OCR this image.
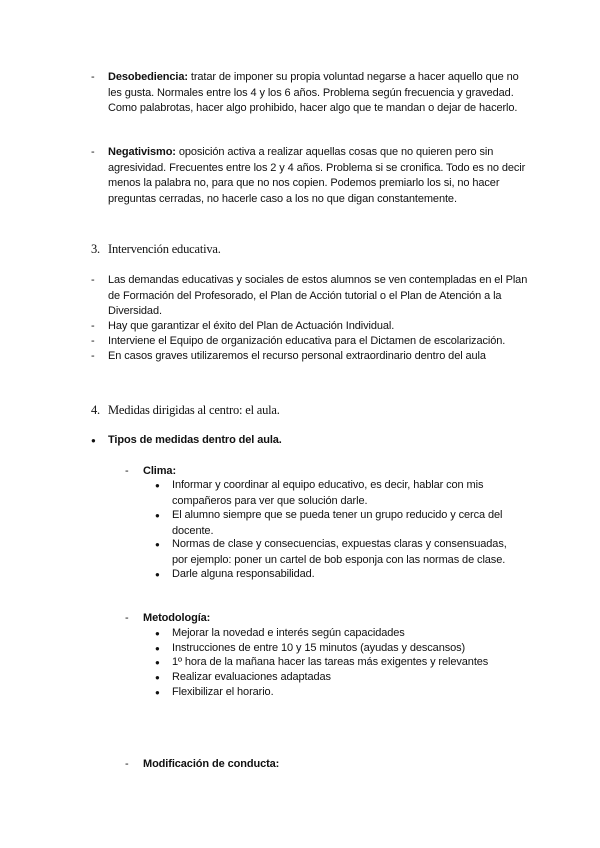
- Desobediencia: tratar de imponer su propia voluntad negarse a hacer aquello que no les gusta. Normales entre los 4 y los 6 años. Problema según frecuencia y gravedad. Como palabrotas, hacer algo prohibido, hacer algo que te mandan o dejar de hacerlo.
- Negativismo: oposición activa a realizar aquellas cosas que no quieren pero sin agresividad. Frecuentes entre los 2 y 4 años. Problema si se cronifica. Todo es no decir menos la palabra no, para que no nos copien. Podemos premiarlo los si, no hacer preguntas cerradas, no hacerle caso a los no que digan constantemente.
3. Intervención educativa.
- Las demandas educativas y sociales de estos alumnos se ven contempladas en el Plan de Formación del Profesorado, el Plan de Acción tutorial o el Plan de Atención a la Diversidad.
- Hay que garantizar el éxito del Plan de Actuación Individual.
- Interviene el Equipo de organización educativa para el Dictamen de escolarización.
- En casos graves utilizaremos el recurso personal extraordinario dentro del aula
4. Medidas dirigidas al centro: el aula.
● Tipos de medidas dentro del aula.
- Clima:
● Informar y coordinar al equipo educativo, es decir, hablar con mis compañeros para ver que solución darle.
● El alumno siempre que se pueda tener un grupo reducido y cerca del docente.
● Normas de clase y consecuencias, expuestas claras y consensuadas, por ejemplo: poner un cartel de bob esponja con las normas de clase.
● Darle alguna responsabilidad.
- Metodología:
● Mejorar la novedad e interés según capacidades
● Instrucciones de entre 10 y 15 minutos (ayudas y descansos)
● 1º hora de la mañana hacer las tareas más exigentes y relevantes
● Realizar evaluaciones adaptadas
● Flexibilizar el horario.
- Modificación de conducta:
